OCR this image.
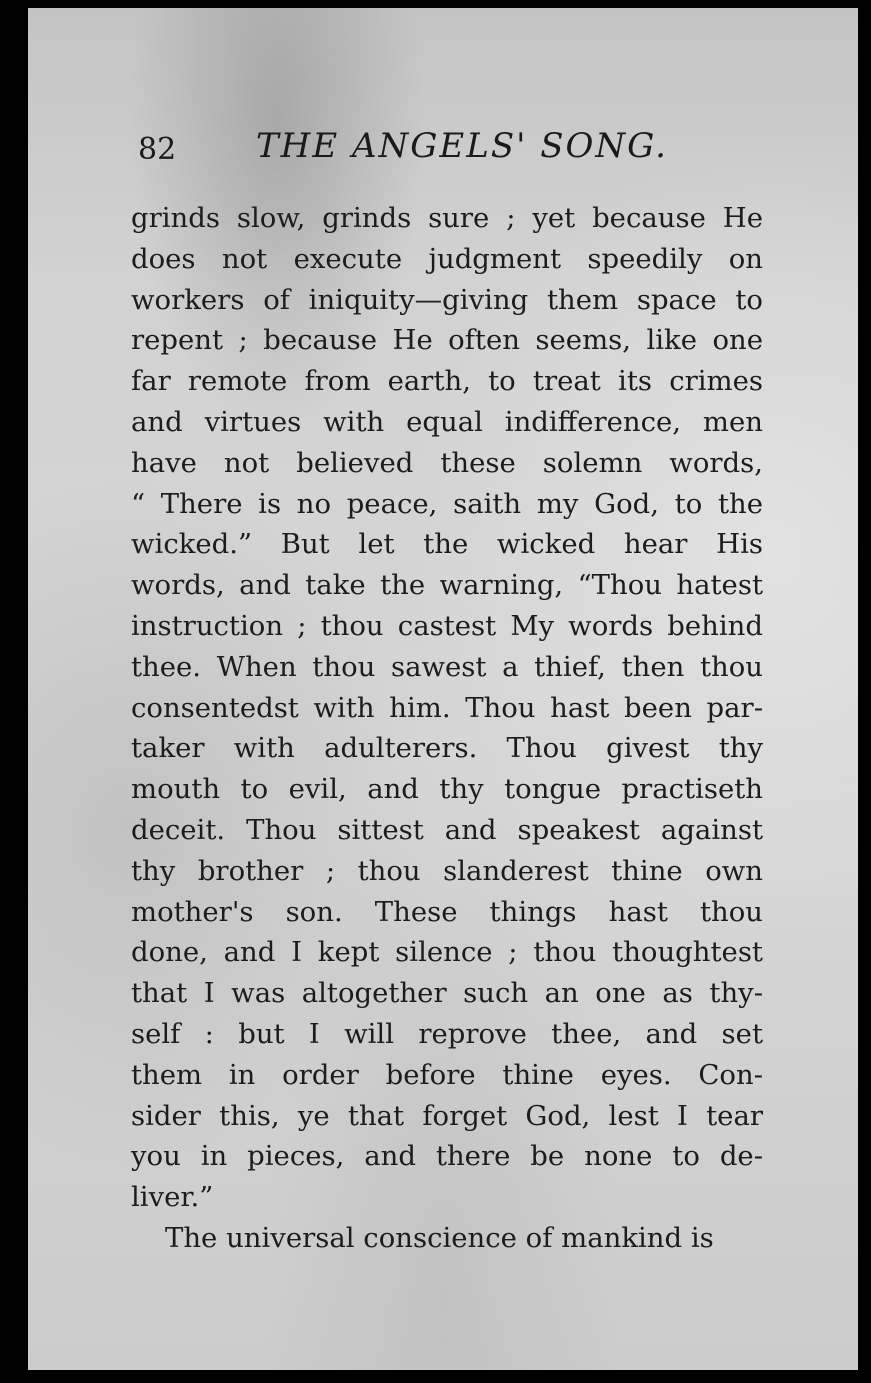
82 THE ANGELS' SONG.
grinds slow, grinds sure ; yet because He
does not execute judgment speedily on
workers of iniquity—giving them space to
repent ; because He often seems, like one
far remote from earth, to treat its crimes
and virtues with equal indifference, men
have not believed these solemn words,
“ There is no peace, saith my God, to the
wicked.” But let the wicked hear His
words, and take the warning, “Thou hatest
instruction ; thou castest My words behind
thee. When thou sawest a thief, then thou
consentedst with him. Thou hast been par-
taker with adulterers. Thou givest thy
mouth to evil, and thy tongue practiseth
deceit. Thou sittest and speakest against
thy brother ; thou slanderest thine own
mother's son. These things hast thou
done, and I kept silence ; thou thoughtest
that I was altogether such an one as thy-
self : but I will reprove thee, and set
them in order before thine eyes. Con-
sider this, ye that forget God, lest I tear
you in pieces, and there be none to de-
liver.”
The universal conscience of mankind is
